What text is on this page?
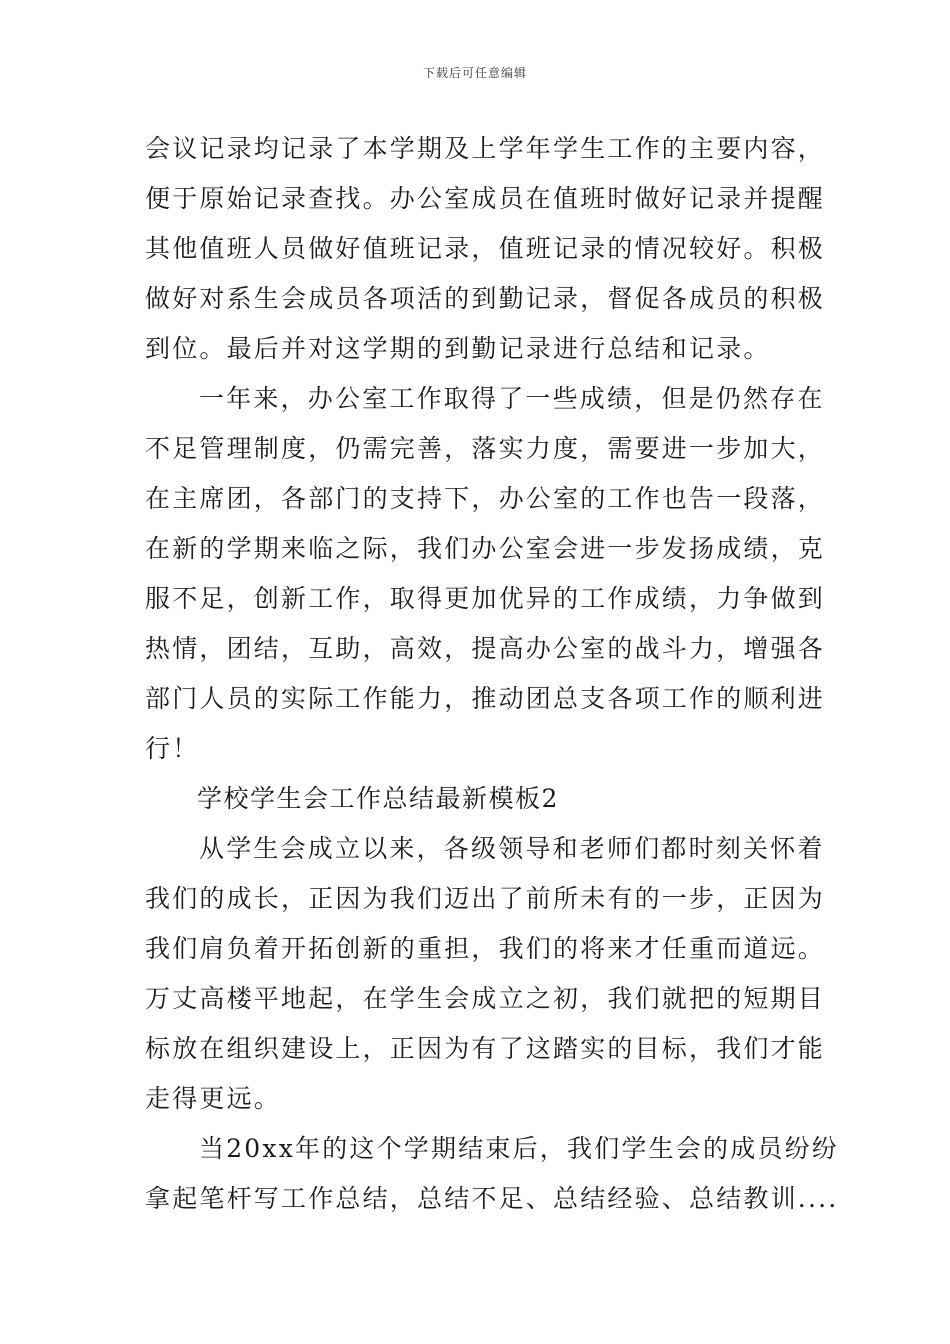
下载后可任意编辑

会议记录均记录了本学期及上学年学生工作的主要内容，
便于原始记录查找。办公室成员在值班时做好记录并提醒
其他值班人员做好值班记录，值班记录的情况较好。积极
做好对系生会成员各项活的到勤记录，督促各成员的积极
到位。最后并对这学期的到勤记录进行总结和记录。

一年来，办公室工作取得了一些成绩，但是仍然存在
不足管理制度，仍需完善，落实力度，需要进一步加大，
在主席团，各部门的支持下，办公室的工作也告一段落，
在新的学期来临之际，我们办公室会进一步发扬成绩，克
服不足，创新工作，取得更加优异的工作成绩，力争做到
热情，团结，互助，高效，提高办公室的战斗力，增强各
部门人员的实际工作能力，推动团总支各项工作的顺利进
行！

学校学生会工作总结最新模板2

从学生会成立以来，各级领导和老师们都时刻关怀着
我们的成长，正因为我们迈出了前所未有的一步，正因为
我们肩负着开拓创新的重担，我们的将来才任重而道远。
万丈高楼平地起，在学生会成立之初，我们就把的短期目
标放在组织建设上，正因为有了这踏实的目标，我们才能
走得更远。

当20xx年的这个学期结束后，我们学生会的成员纷纷
拿起笔杆写工作总结，总结不足、总结经验、总结教训....
